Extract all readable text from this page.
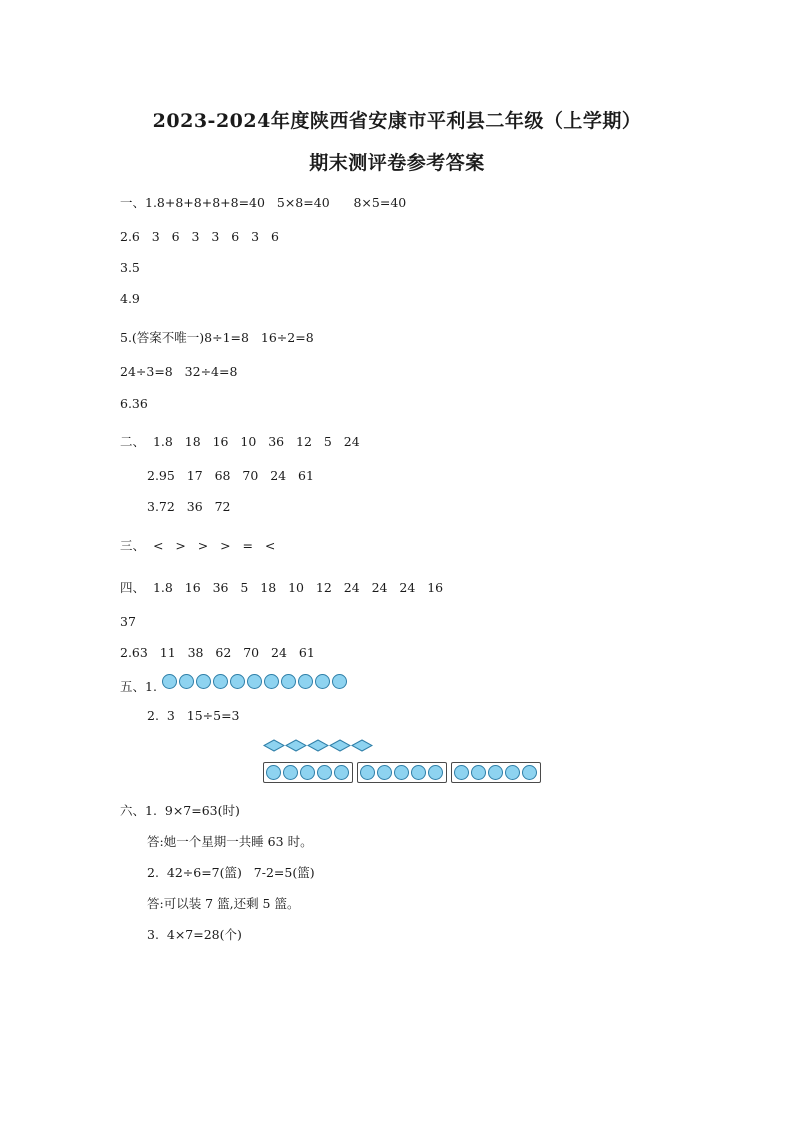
2023-2024年度陕西省安康市平利县二年级（上学期）
期末测评卷参考答案
一、1.8+8+8+8+8=40   5×8=40      8×5=40
2.6   3   6   3   3   6   3   6
3.5
4.9
5.(答案不唯一)8÷1=8   16÷2=8
24÷3=8   32÷4=8
6.36
二、  1.8   18   16   10   36   12   5   24
2.95   17   68   70   24   61
3.72   36   72
三、  <   >   >   >   =   <
四、  1.8   16   36   5   18   10   12   24   24   24   16
37
2.63   11   38   62   70   24   61
五、1.
2.  3   15÷5=3
六、1.  9×7=63(时)
答:她一个星期一共睡 63 时。
2.  42÷6=7(篮)   7-2=5(篮)
答:可以装 7 篮,还剩 5 篮。
3.  4×7=28(个)
